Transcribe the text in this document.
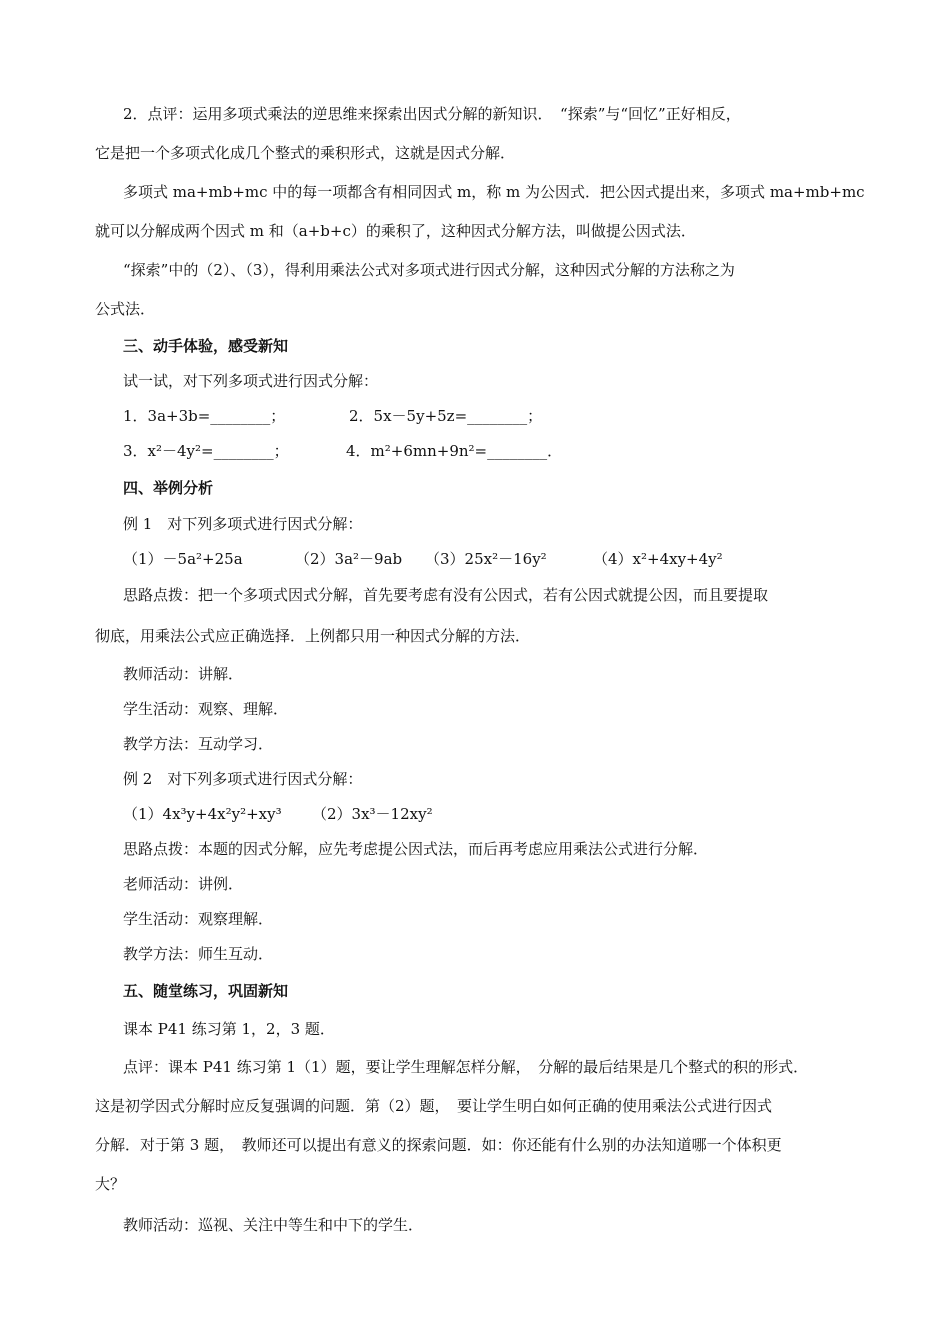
2．点评：运用多项式乘法的逆思维来探索出因式分解的新知识．　“探索”与“回忆”正好相反，
它是把一个多项式化成几个整式的乘积形式，这就是因式分解．
多项式 ma+mb+mc 中的每一项都含有相同因式 m，称 m 为公因式．把公因式提出来，多项式 ma+mb+mc
就可以分解成两个因式 m 和（a+b+c）的乘积了，这种因式分解方法，叫做提公因式法．
“探索”中的（2）、（3），得利用乘法公式对多项式进行因式分解，这种因式分解的方法称之为
公式法．
三、动手体验，感受新知
试一试，对下列多项式进行因式分解：
1．3a+3b=________；	2．5x－5y+5z=________；
3．x²－4y²=________；	4．m²+6mn+9n²=________．
四、举例分析
例 1　对下列多项式进行因式分解：
（1）－5a²+25a	（2）3a²－9ab （3）25x²－16y²	（4）x²+4xy+4y²
思路点拨：把一个多项式因式分解，首先要考虑有没有公因式，若有公因式就提公因，而且要提取
彻底，用乘法公式应正确选择．上例都只用一种因式分解的方法．
教师活动：讲解．
学生活动：观察、理解．
教学方法：互动学习．
例 2　对下列多项式进行因式分解：
（1）4x³y+4x²y²+xy³ （2）3x³－12xy²
思路点拨：本题的因式分解，应先考虑提公因式法，而后再考虑应用乘法公式进行分解．
老师活动：讲例．
学生活动：观察理解．
教学方法：师生互动．
五、随堂练习，巩固新知
课本 P41 练习第 1，2，3 题．
点评：课本 P41 练习第 1（1）题，要让学生理解怎样分解，　分解的最后结果是几个整式的积的形式．
这是初学因式分解时应反复强调的问题．第（2）题，　要让学生明白如何正确的使用乘法公式进行因式
分解．对于第 3 题，　教师还可以提出有意义的探索问题．如：你还能有什么别的办法知道哪一个体积更
大？
教师活动：巡视、关注中等生和中下的学生．
